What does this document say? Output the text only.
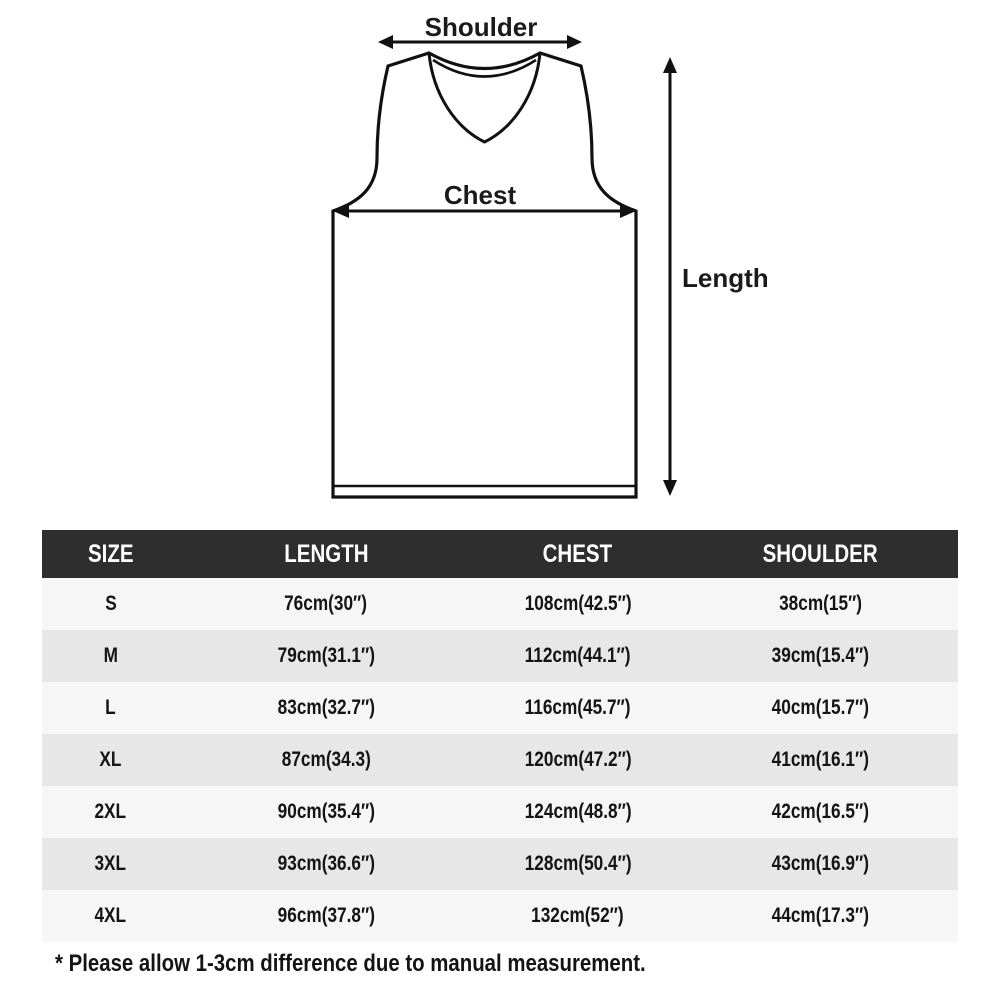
Shoulder
Chest
Length
SIZE	LENGTH	CHEST	SHOULDER
S	76cm(30″)	108cm(42.5″)	38cm(15″)
M	79cm(31.1″)	112cm(44.1″)	39cm(15.4″)
L	83cm(32.7″)	116cm(45.7″)	40cm(15.7″)
XL	87cm(34.3)	120cm(47.2″)	41cm(16.1″)
2XL	90cm(35.4″)	124cm(48.8″)	42cm(16.5″)
3XL	93cm(36.6″)	128cm(50.4″)	43cm(16.9″)
4XL	96cm(37.8″)	132cm(52″)	44cm(17.3″)
* Please allow 1-3cm difference due to manual measurement.
